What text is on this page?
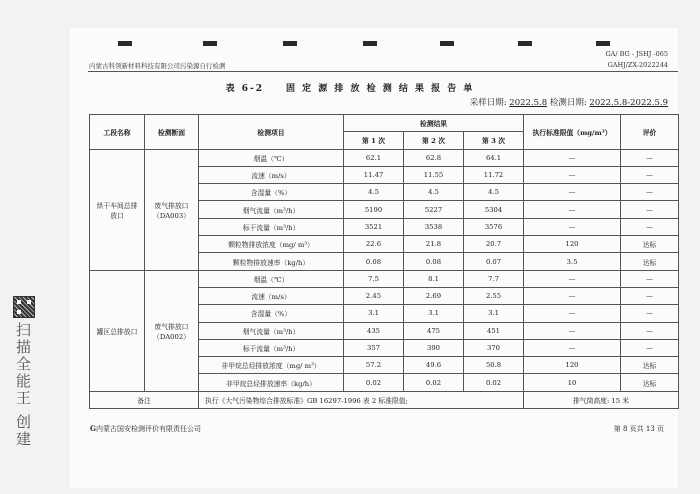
GA/ BG - JSHJ -065
内蒙古科领新材料科技有限公司污染源自行检测	GAHJ/ZX-2022244
表 6-2　　固 定 源 排 放 检 测 结 果 报 告 单
采样日期: 2022.5.8 检测日期: 2022.5.8-2022.5.9
工段名称	检测断面	检测项目	检测结果			执行标准限值（mg/m³）	评价
			第 1 次	第 2 次	第 3 次		
烘干车间总排放口	废气排放口（DA003）	烟温（℃）	62.1	62.8	64.1	—	—
		流速（m/s）	11.47	11.55	11.72	—	—
		含湿量（%）	4.5	4.5	4.5	—	—
		烟气流量（m³/h）	5190	5227	5304	—	—
		标干流量（m³/h）	3521	3538	3576	—	—
		颗粒物排放浓度（mg/ m³）	22.6	21.8	20.7	120	达标
		颗粒物排放速率（kg/h）	0.08	0.08	0.07	3.5	达标
罐区总排放口	废气排放口（DA002）	烟温（℃）	7.5	8.1	7.7	—	—
		流速（m/s）	2.45	2.69	2.55	—	—
		含湿量（%）	3.1	3.1	3.1	—	—
		烟气流量（m³/h）	435	475	451	—	—
		标干流量（m³/h）	357	390	370	—	—
		非甲烷总烃排放浓度（mg/ m³）	57.2	49.6	50.8	120	达标
		非甲烷总烃排放速率（kg/h）	0.02	0.02	0.02	10	达标
备注		执行《大气污染物综合排放标准》GB 16297-1996 表 2 标准限值;				排气筒高度: 15 米	
G内蒙古国安检测评价有限责任公司	第 8 页共 13 页
扫描全能王 创建
